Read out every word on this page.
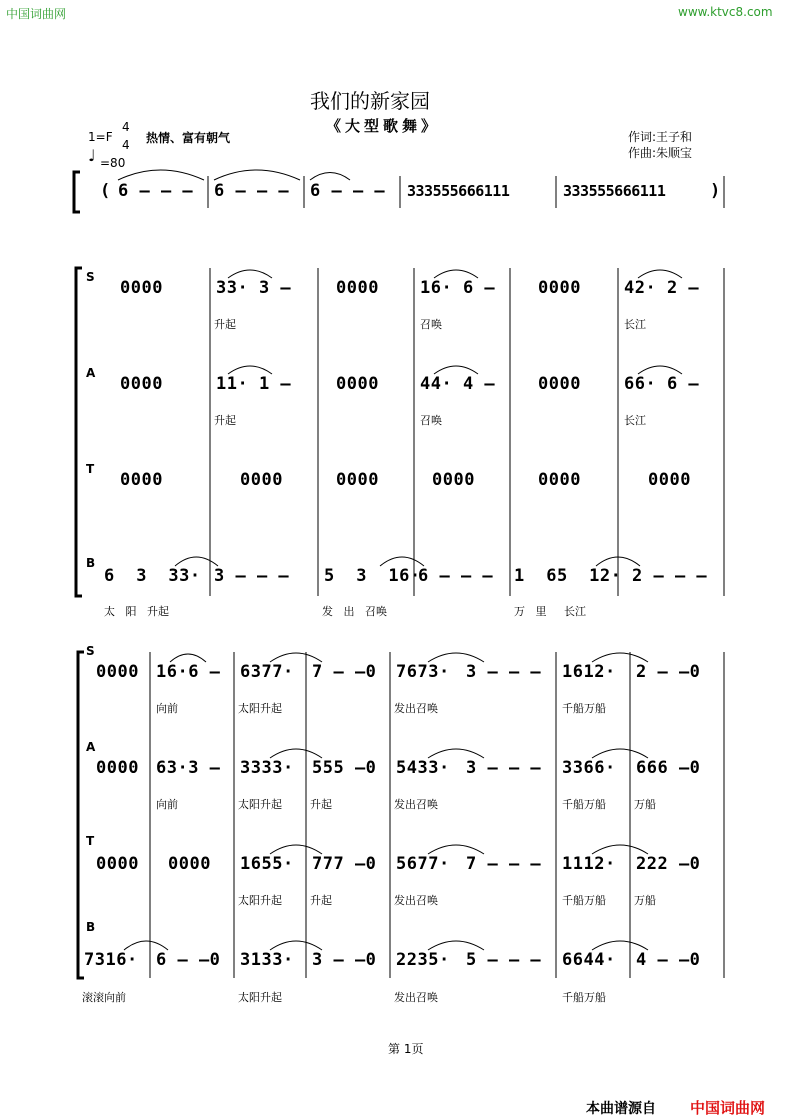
中国词曲网	www.ktvc8.com
我们的新家园
《大型歌舞》
1=F
4
4 热情、富有朝气
♩ =80
作词:王子和
作曲:朱顺宝
( 6 – – – 6 – – – 6 – – – 333555666111	333555666111	)
S
A
T
B
0000	33· 3 –	0000 16· 6 –	0000	42· 2 –
升起	召唤	长江
0000	11· 1 –	0000 44· 4 –	0000	66· 6 –
升起	召唤	长江
0000	0000	0000	0000	0000	0000
6  3  33· 3 – – – 5  3  16·
6 – – – 1  65  12· 2 – – –
太   阳   升起	发   出   召唤	万   里     长江
S
A
T
B
0000 16·6 – 6377· 7 – –0 7673· 3 – – – 1612· 2 – –0
向前	太阳升起	发出召唤	千船万船
0000 63·3 – 3333· 555 –0 5433· 3 – – – 3366· 666 –0
向前	太阳升起	升起	发出召唤	千船万船	万船
0000 0000 1655· 777 –0 5677· 7 – – – 1112· 222 –0
太阳升起	升起	发出召唤	千船万船	万船
7316· 6 – –0 3133· 3 – –0 2235· 5 – – – 6644· 4 – –0
滚滚向前	太阳升起	发出召唤	千船万船
第 1页
本曲谱源自 中国词曲网
